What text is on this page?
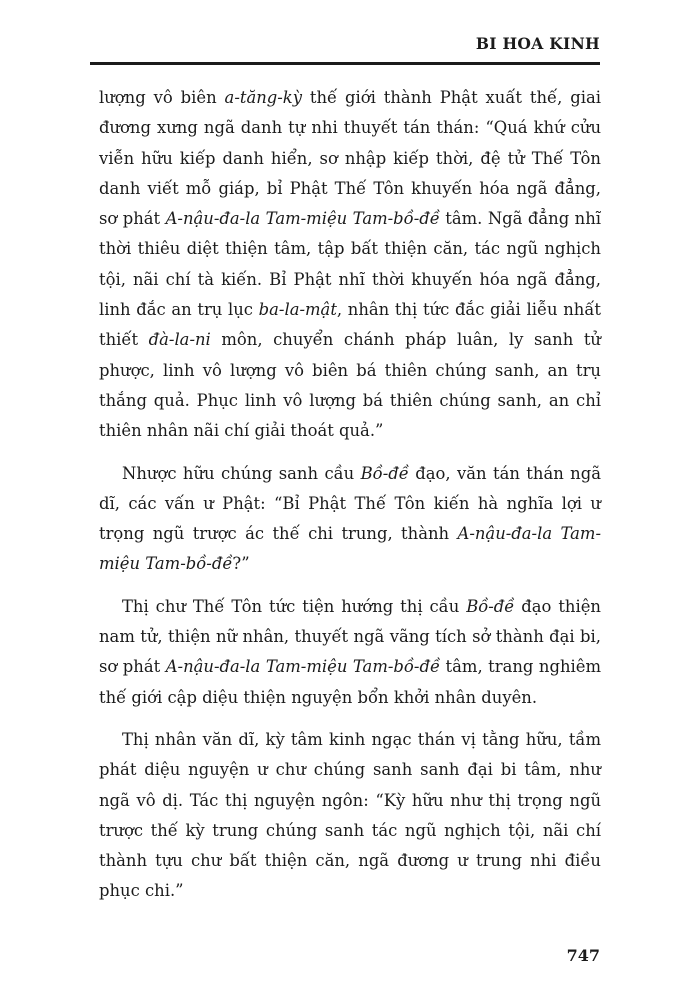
BI HOA KINH

lượng vô biên a-tăng-kỳ thế giới thành Phật xuất thế, giai đương xưng ngã danh tự nhi thuyết tán thán: “Quá khứ cửu viễn hữu kiếp danh hiển, sơ nhập kiếp thời, đệ tử Thế Tôn danh viết mỗ giáp, bỉ Phật Thế Tôn khuyến hóa ngã đẳng, sơ phát A-nậu-đa-la Tam-miệu Tam-bồ-đề tâm. Ngã đẳng nhĩ thời thiêu diệt thiện tâm, tập bất thiện căn, tác ngũ nghịch tội, nãi chí tà kiến. Bỉ Phật nhĩ thời khuyến hóa ngã đẳng, linh đắc an trụ lục ba-la-mật, nhân thị tức đắc giải liễu nhất thiết đà-la-ni môn, chuyển chánh pháp luân, ly sanh tử phược, linh vô lượng vô biên bá thiên chúng sanh, an trụ thắng quả. Phục linh vô lượng bá thiên chúng sanh, an chỉ thiên nhân nãi chí giải thoát quả.”

Nhược hữu chúng sanh cầu Bồ-đề đạo, văn tán thán ngã dĩ, các vấn ư Phật: “Bỉ Phật Thế Tôn kiến hà nghĩa lợi ư trọng ngũ trược ác thế chi trung, thành A-nậu-đa-la Tam-miệu Tam-bồ-đề?”

Thị chư Thế Tôn tức tiện hướng thị cầu Bồ-đề đạo thiện nam tử, thiện nữ nhân, thuyết ngã vãng tích sở thành đại bi, sơ phát A-nậu-đa-la Tam-miệu Tam-bồ-đề tâm, trang nghiêm thế giới cập diệu thiện nguyện bổn khởi nhân duyên.

Thị nhân văn dĩ, kỳ tâm kinh ngạc thán vị tằng hữu, tầm phát diệu nguyện ư chư chúng sanh sanh đại bi tâm, như ngã vô dị. Tác thị nguyện ngôn: “Kỳ hữu như thị trọng ngũ trược thế kỳ trung chúng sanh tác ngũ nghịch tội, nãi chí thành tựu chư bất thiện căn, ngã đương ư trung nhi điều phục chi.”

747
